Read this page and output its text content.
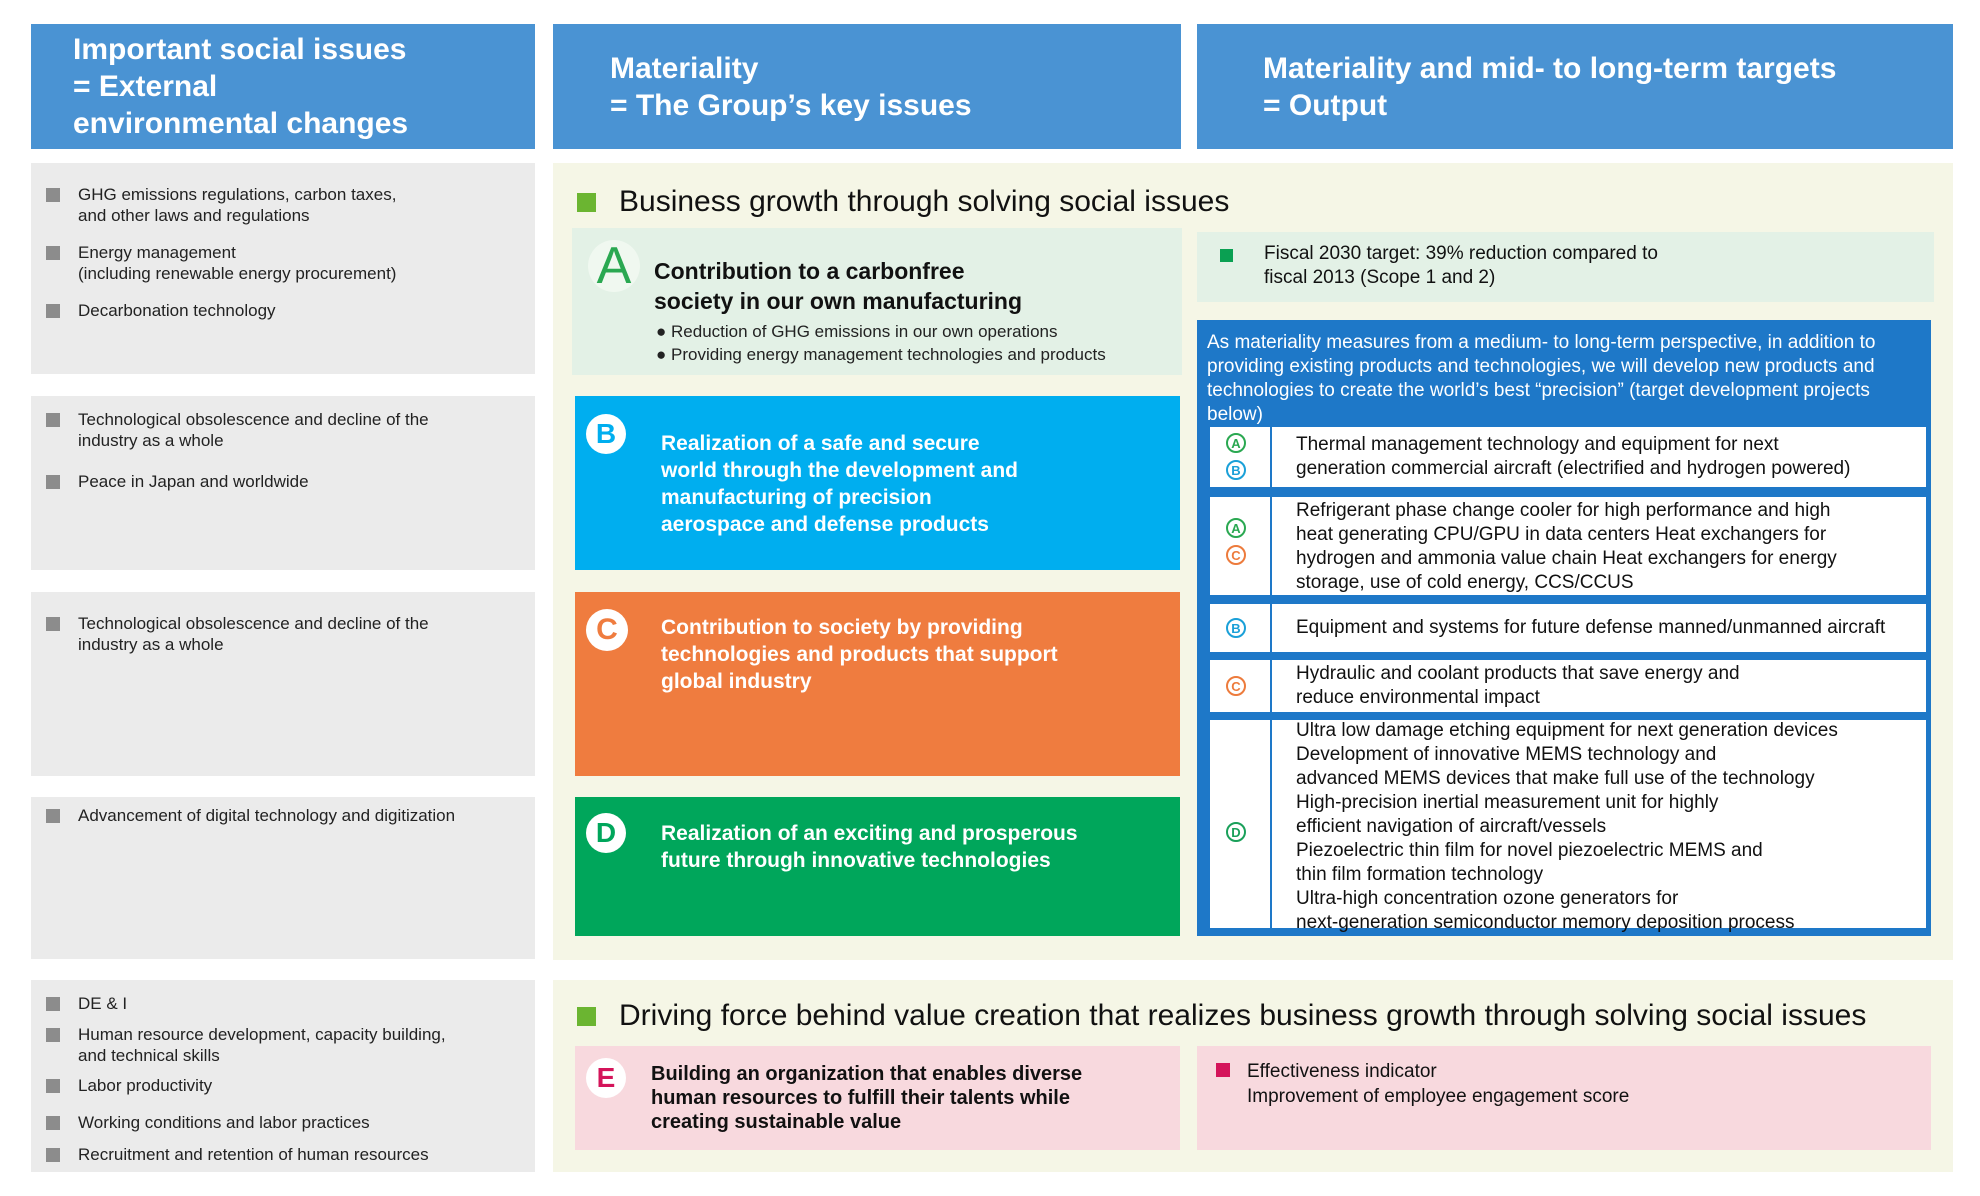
Important social issues
= External
environmental changes
Materiality
= The Group’s key issues
Materiality and mid- to long-term targets
= Output
GHG emissions regulations, carbon taxes,
and other laws and regulations
Energy management
(including renewable energy procurement)
Decarbonation technology
Technological obsolescence and decline of the
industry as a whole
Peace in Japan and worldwide
Technological obsolescence and decline of the
industry as a whole
Advancement of digital technology and digitization
DE & I
Human resource development, capacity building,
and technical skills
Labor productivity
Working conditions and labor practices
Recruitment and retention of human resources
Business growth through solving social issues
A Contribution to a carbonfree
society in our own manufacturing
● Reduction of GHG emissions in our own operations
● Providing energy management technologies and products
Realization of a safe and secure
world through the development and
manufacturing of precision
aerospace and defense products
B
Contribution to society by providing
technologies and products that support
global industry
C
Realization of an exciting and prosperous
future through innovative technologies
D
Fiscal 2030 target: 39% reduction compared to
fiscal 2013 (Scope 1 and 2)
As materiality measures from a medium- to long-term perspective, in addition to
providing existing products and technologies, we will develop new products and
technologies to create the world’s best “precision” (target development projects
below)
A
B
Thermal management technology and equipment for next
generation commercial aircraft (electrified and hydrogen powered)
A
C
Refrigerant phase change cooler for high performance and high
heat generating CPU/GPU in data centers Heat exchangers for
hydrogen and ammonia value chain Heat exchangers for energy
storage, use of cold energy, CCS/CCUS
B	Equipment and systems for future defense manned/unmanned aircraft
C
Hydraulic and coolant products that save energy and
reduce environmental impact
D
Ultra low damage etching equipment for next generation devices
Development of innovative MEMS technology and
advanced MEMS devices that make full use of the technology
High-precision inertial measurement unit for highly
efficient navigation of aircraft/vessels
Piezoelectric thin film for novel piezoelectric MEMS and
thin film formation technology
Ultra-high concentration ozone generators for
next-generation semiconductor memory deposition process
Driving force behind value creation that realizes business growth through solving social issues
E	Building an organization that enables diverse
human resources to fulfill their talents while
creating sustainable value
Effectiveness indicator
Improvement of employee engagement score
